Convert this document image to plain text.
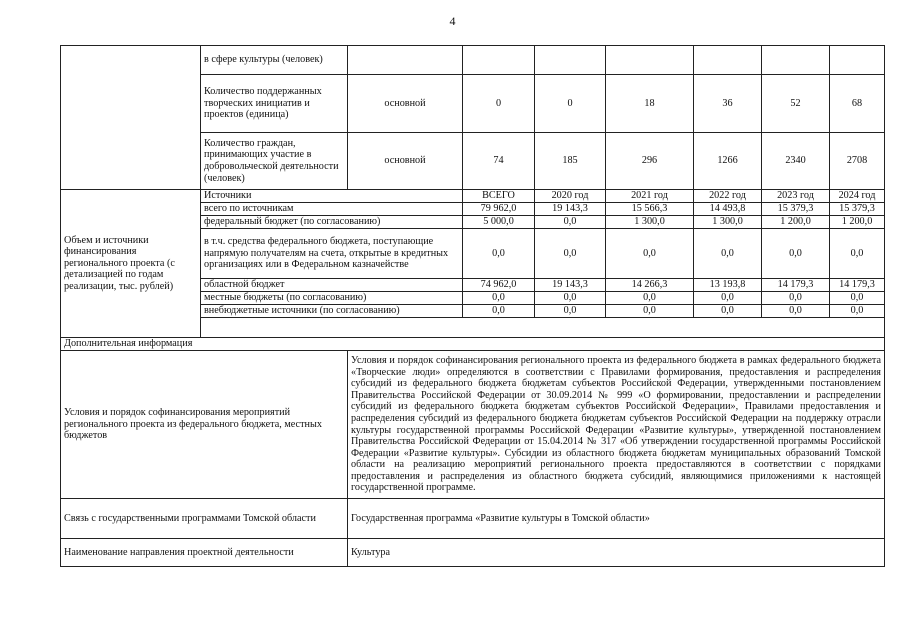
4
	в сфере культуры (человек)							
	Количество поддержанных творческих инициатив и проектов (единица)	основной	0	0	18	36	52	68
	Количество граждан, принимающих участие в добровольческой деятельности (человек)	основной	74	185	296	1266	2340	2708
Объем и источники финансирования регионального проекта (с детализацией по годам реализации, тыс. рублей)	Источники		ВСЕГО	2020 год	2021 год	2022 год	2023 год	2024 год
	всего по источникам		79 962,0	19 143,3	15 566,3	14 493,8	15 379,3	15 379,3
	федеральный бюджет (по согласованию)		5 000,0	0,0	1 300,0	1 300,0	1 200,0	1 200,0
	в т.ч. средства федерального бюджета, поступающие напрямую получателям на счета, открытые в кредитных организациях или в Федеральном казначействе		0,0	0,0	0,0	0,0	0,0	0,0
	областной бюджет		74 962,0	19 143,3	14 266,3	13 193,8	14 179,3	14 179,3
	местные бюджеты (по согласованию)		0,0	0,0	0,0	0,0	0,0	0,0
	внебюджетные источники (по согласованию)		0,0	0,0	0,0	0,0	0,0	0,0

Дополнительная информация								
Условия и порядок софинансирования мероприятий регионального проекта из федерального бюджета, местных бюджетов		Условия и порядок софинансирования регионального проекта из федерального бюджета в рамках федерального бюджета «Творческие люди» определяются в соответствии с Правилами формирования, предоставления и распределения субсидий из федерального бюджета бюджетам субъектов Российской Федерации, утвержденными постановлением Правительства Российской Федерации от 30.09.2014 № 999 «О формировании, предоставлении и распределении субсидий из федерального бюджета бюджетам субъектов Российской Федерации», Правилами предоставления и распределения субсидий из федерального бюджета бюджетам субъектов Российской Федерации на поддержку отрасли культуры государственной программы Российской Федерации «Развитие культуры», утвержденной постановлением Правительства Российской Федерации от 15.04.2014 № 317 «Об утверждении государственной программы Российской Федерации «Развитие культуры». Субсидии из областного бюджета бюджетам муниципальных образований Томской области на реализацию мероприятий регионального проекта предоставляются в соответствии с порядками предоставления и распределения из областного бюджета субсидий, являющимися приложениями к настоящей государственной программе.						
Связь с государственными программами Томской области		Государственная программа «Развитие культуры в Томской области»						
Наименование направления проектной деятельности		Культура						
